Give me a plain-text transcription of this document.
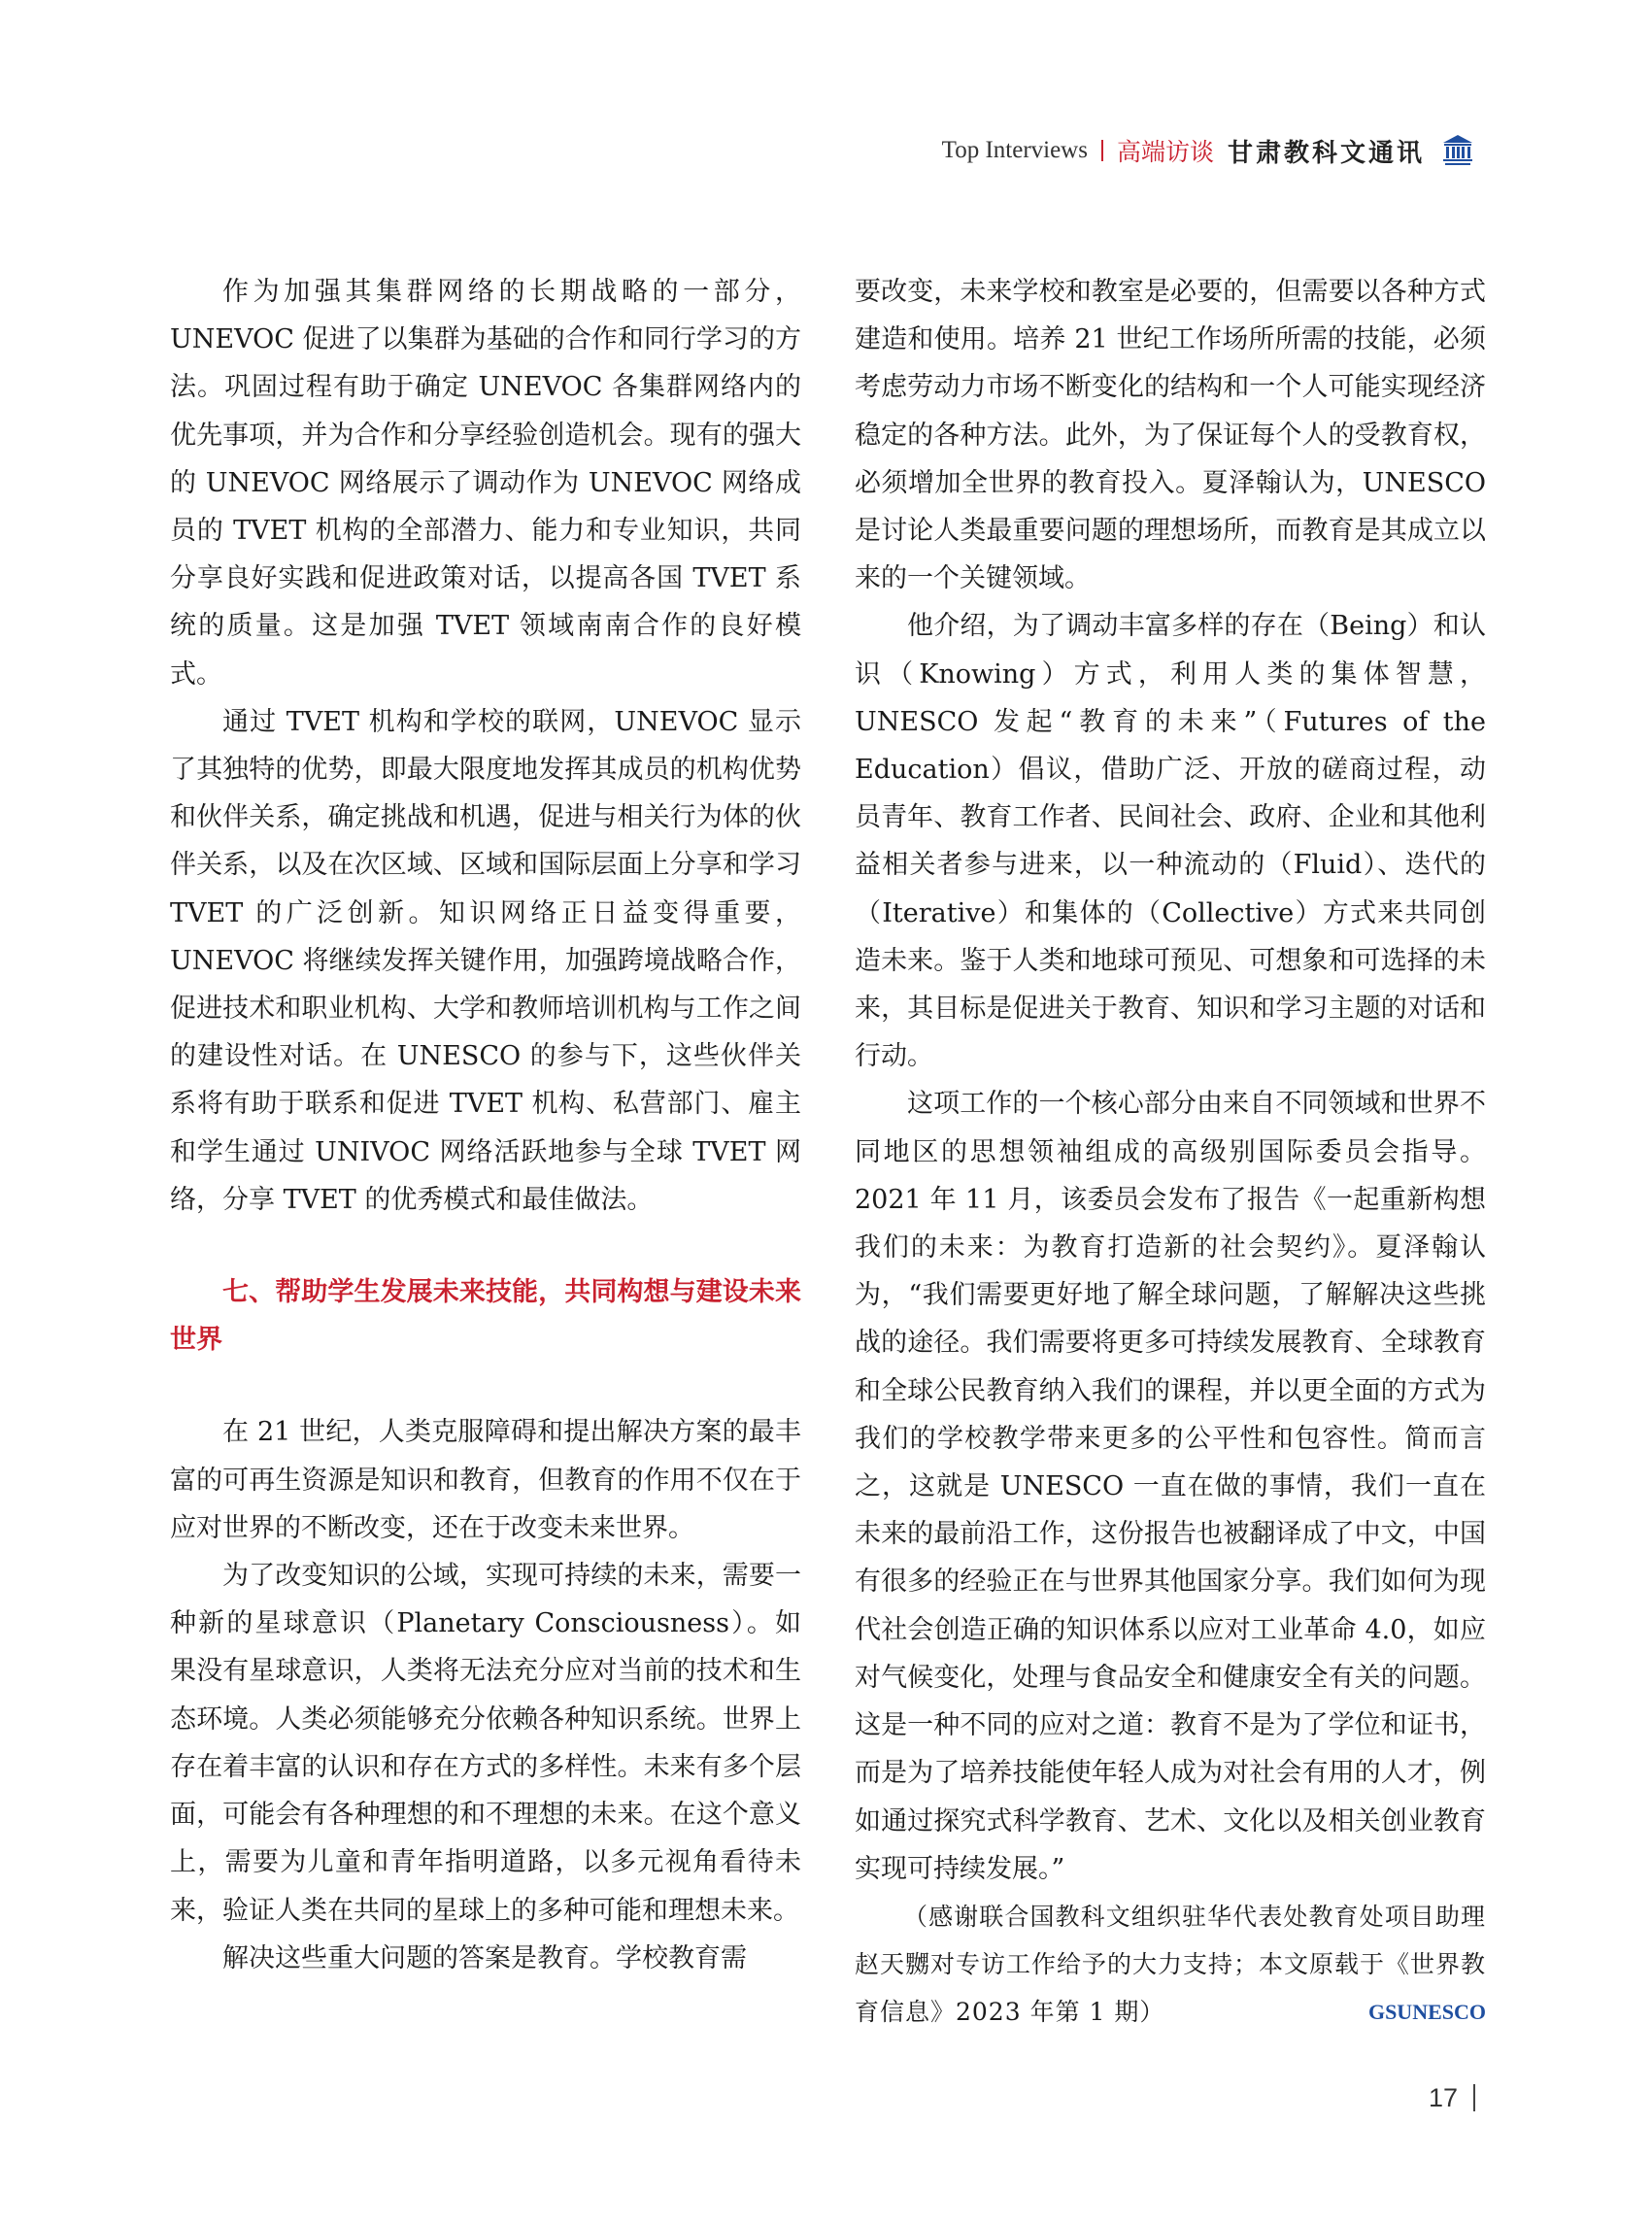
Top Interviews 高端访谈 甘肃教科文通讯

作为加强其集群网络的长期战略的一部分，UNEVOC 促进了以集群为基础的合作和同行学习的方法。巩固过程有助于确定 UNEVOC 各集群网络内的优先事项，并为合作和分享经验创造机会。现有的强大的 UNEVOC 网络展示了调动作为 UNEVOC 网络成员的 TVET 机构的全部潜力、能力和专业知识，共同分享良好实践和促进政策对话，以提高各国 TVET 系统的质量。这是加强 TVET 领域南南合作的良好模式。

通过 TVET 机构和学校的联网，UNEVOC 显示了其独特的优势，即最大限度地发挥其成员的机构优势和伙伴关系，确定挑战和机遇，促进与相关行为体的伙伴关系，以及在次区域、区域和国际层面上分享和学习 TVET 的广泛创新。知识网络正日益变得重要，UNEVOC 将继续发挥关键作用，加强跨境战略合作，促进技术和职业机构、大学和教师培训机构与工作之间的建设性对话。在 UNESCO 的参与下，这些伙伴关系将有助于联系和促进 TVET 机构、私营部门、雇主和学生通过 UNIVOC 网络活跃地参与全球 TVET 网络，分享 TVET 的优秀模式和最佳做法。

七、帮助学生发展未来技能，共同构想与建设未来世界

在 21 世纪，人类克服障碍和提出解决方案的最丰富的可再生资源是知识和教育，但教育的作用不仅在于应对世界的不断改变，还在于改变未来世界。

为了改变知识的公域，实现可持续的未来，需要一种新的星球意识（Planetary Consciousness）。如果没有星球意识，人类将无法充分应对当前的技术和生态环境。人类必须能够充分依赖各种知识系统。世界上存在着丰富的认识和存在方式的多样性。未来有多个层面，可能会有各种理想的和不理想的未来。在这个意义上，需要为儿童和青年指明道路，以多元视角看待未来，验证人类在共同的星球上的多种可能和理想未来。

解决这些重大问题的答案是教育。学校教育需

要改变，未来学校和教室是必要的，但需要以各种方式建造和使用。培养 21 世纪工作场所所需的技能，必须考虑劳动力市场不断变化的结构和一个人可能实现经济稳定的各种方法。此外，为了保证每个人的受教育权，必须增加全世界的教育投入。夏泽翰认为，UNESCO 是讨论人类最重要问题的理想场所，而教育是其成立以来的一个关键领域。

他介绍，为了调动丰富多样的存在（Being）和认识（Knowing）方式，利用人类的集体智慧，UNESCO 发起“教育的未来”（Futures of the Education）倡议，借助广泛、开放的磋商过程，动员青年、教育工作者、民间社会、政府、企业和其他利益相关者参与进来，以一种流动的（Fluid）、迭代的（Iterative）和集体的（Collective）方式来共同创造未来。鉴于人类和地球可预见、可想象和可选择的未来，其目标是促进关于教育、知识和学习主题的对话和行动。

这项工作的一个核心部分由来自不同领域和世界不同地区的思想领袖组成的高级别国际委员会指导。2021 年 11 月，该委员会发布了报告《一起重新构想我们的未来：为教育打造新的社会契约》。夏泽翰认为，“我们需要更好地了解全球问题，了解解决这些挑战的途径。我们需要将更多可持续发展教育、全球教育和全球公民教育纳入我们的课程，并以更全面的方式为我们的学校教学带来更多的公平性和包容性。简而言之，这就是 UNESCO 一直在做的事情，我们一直在未来的最前沿工作，这份报告也被翻译成了中文，中国有很多的经验正在与世界其他国家分享。我们如何为现代社会创造正确的知识体系以应对工业革命 4.0，如应对气候变化，处理与食品安全和健康安全有关的问题。这是一种不同的应对之道：教育不是为了学位和证书，而是为了培养技能使年轻人成为对社会有用的人才，例如通过探究式科学教育、艺术、文化以及相关创业教育实现可持续发展。”

（感谢联合国教科文组织驻华代表处教育处项目助理赵天嬲对专访工作给予的大力支持；本文原载于《世界教育信息》2023 年第 1 期）	GSUNESCO

17
